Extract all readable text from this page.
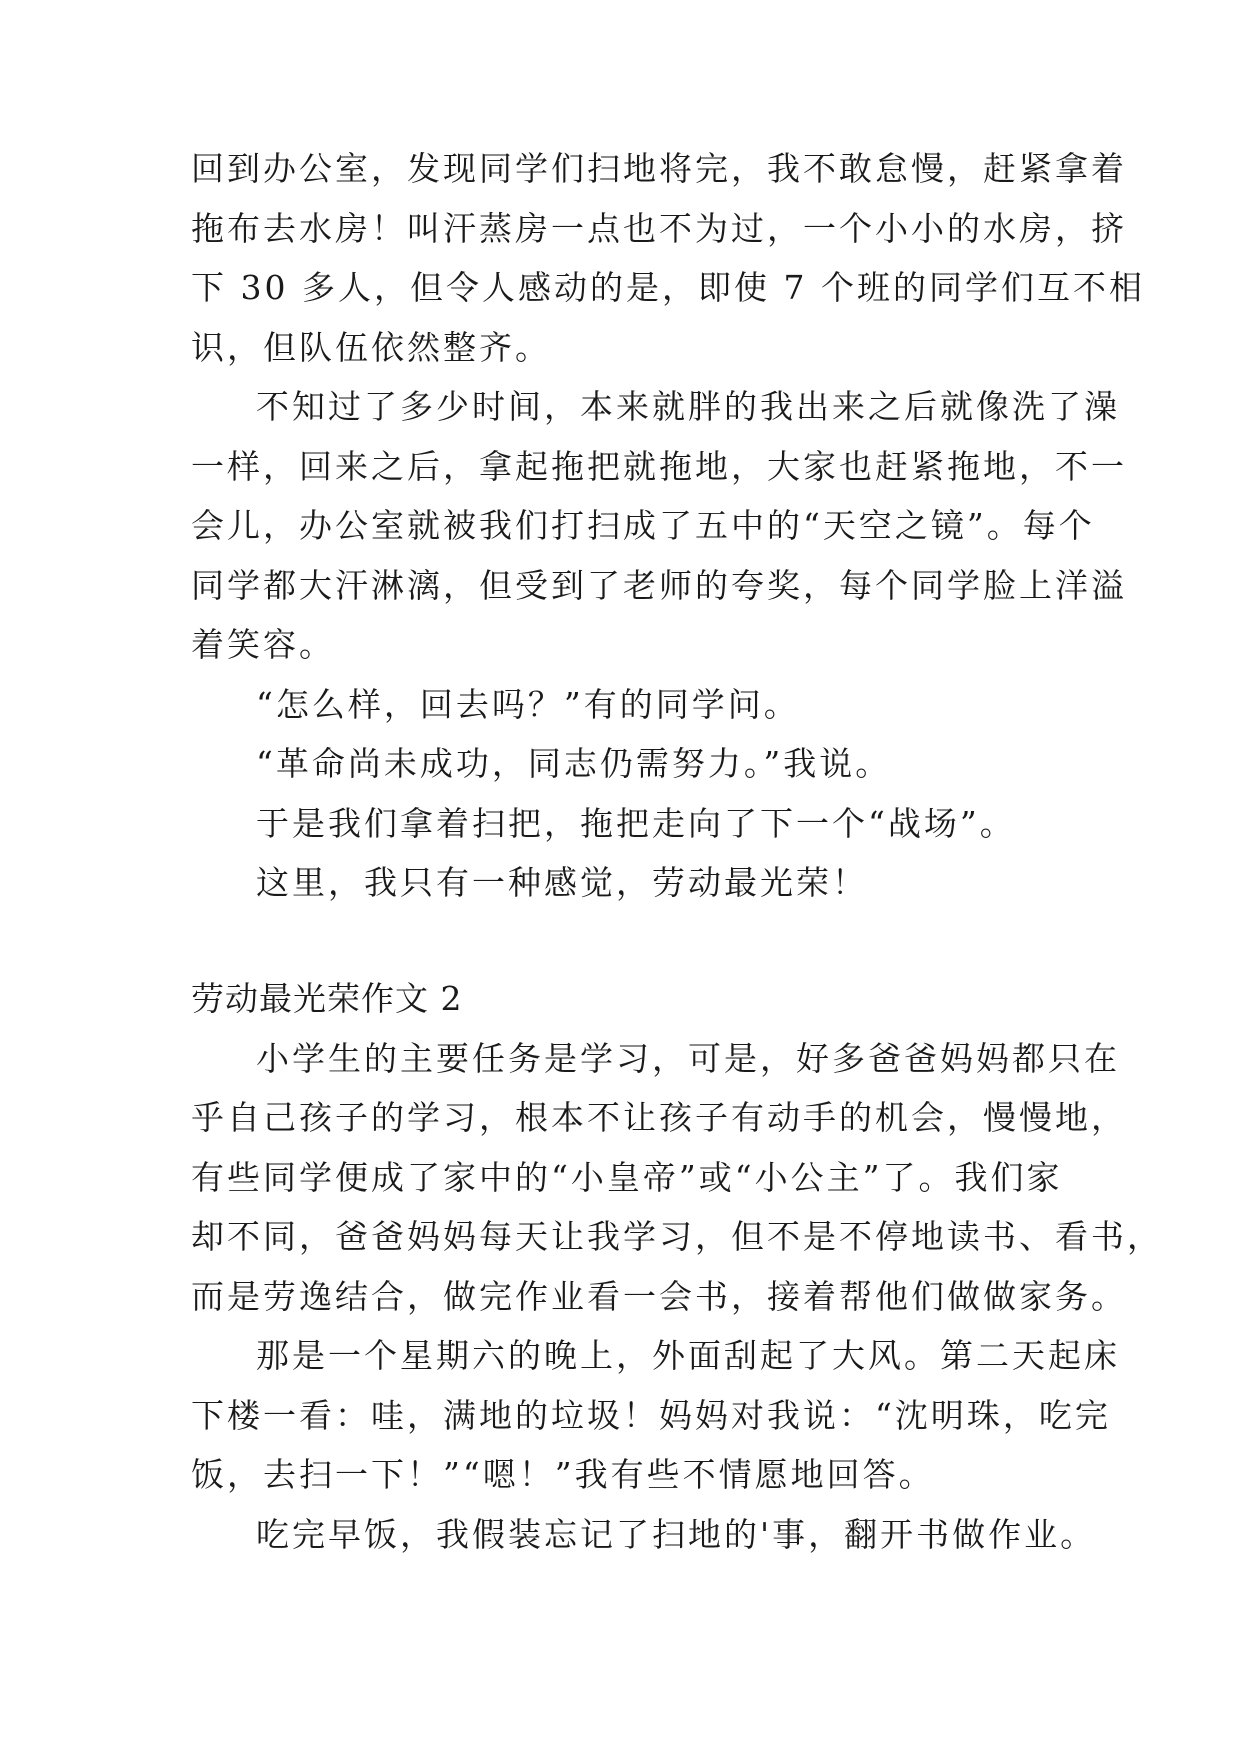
回到办公室，发现同学们扫地将完，我不敢怠慢，赶紧拿着
拖布去水房！叫汗蒸房一点也不为过，一个小小的水房，挤
下 30 多人，但令人感动的是，即使 7 个班的同学们互不相
识，但队伍依然整齐。
不知过了多少时间，本来就胖的我出来之后就像洗了澡
一样，回来之后，拿起拖把就拖地，大家也赶紧拖地，不一
会儿，办公室就被我们打扫成了五中的“天空之镜”。每个
同学都大汗淋漓，但受到了老师的夸奖，每个同学脸上洋溢
着笑容。
“怎么样，回去吗？”有的同学问。
“革命尚未成功，同志仍需努力。”我说。
于是我们拿着扫把，拖把走向了下一个“战场”。
这里，我只有一种感觉，劳动最光荣！
劳动最光荣作文 2
小学生的主要任务是学习，可是，好多爸爸妈妈都只在
乎自己孩子的学习，根本不让孩子有动手的机会，慢慢地，
有些同学便成了家中的“小皇帝”或“小公主”了。我们家
却不同，爸爸妈妈每天让我学习，但不是不停地读书、看书，
而是劳逸结合，做完作业看一会书，接着帮他们做做家务。
那是一个星期六的晚上，外面刮起了大风。第二天起床
下楼一看：哇，满地的垃圾！妈妈对我说：“沈明珠，吃完
饭，去扫一下！”“嗯！”我有些不情愿地回答。
吃完早饭，我假装忘记了扫地的'事，翻开书做作业。
